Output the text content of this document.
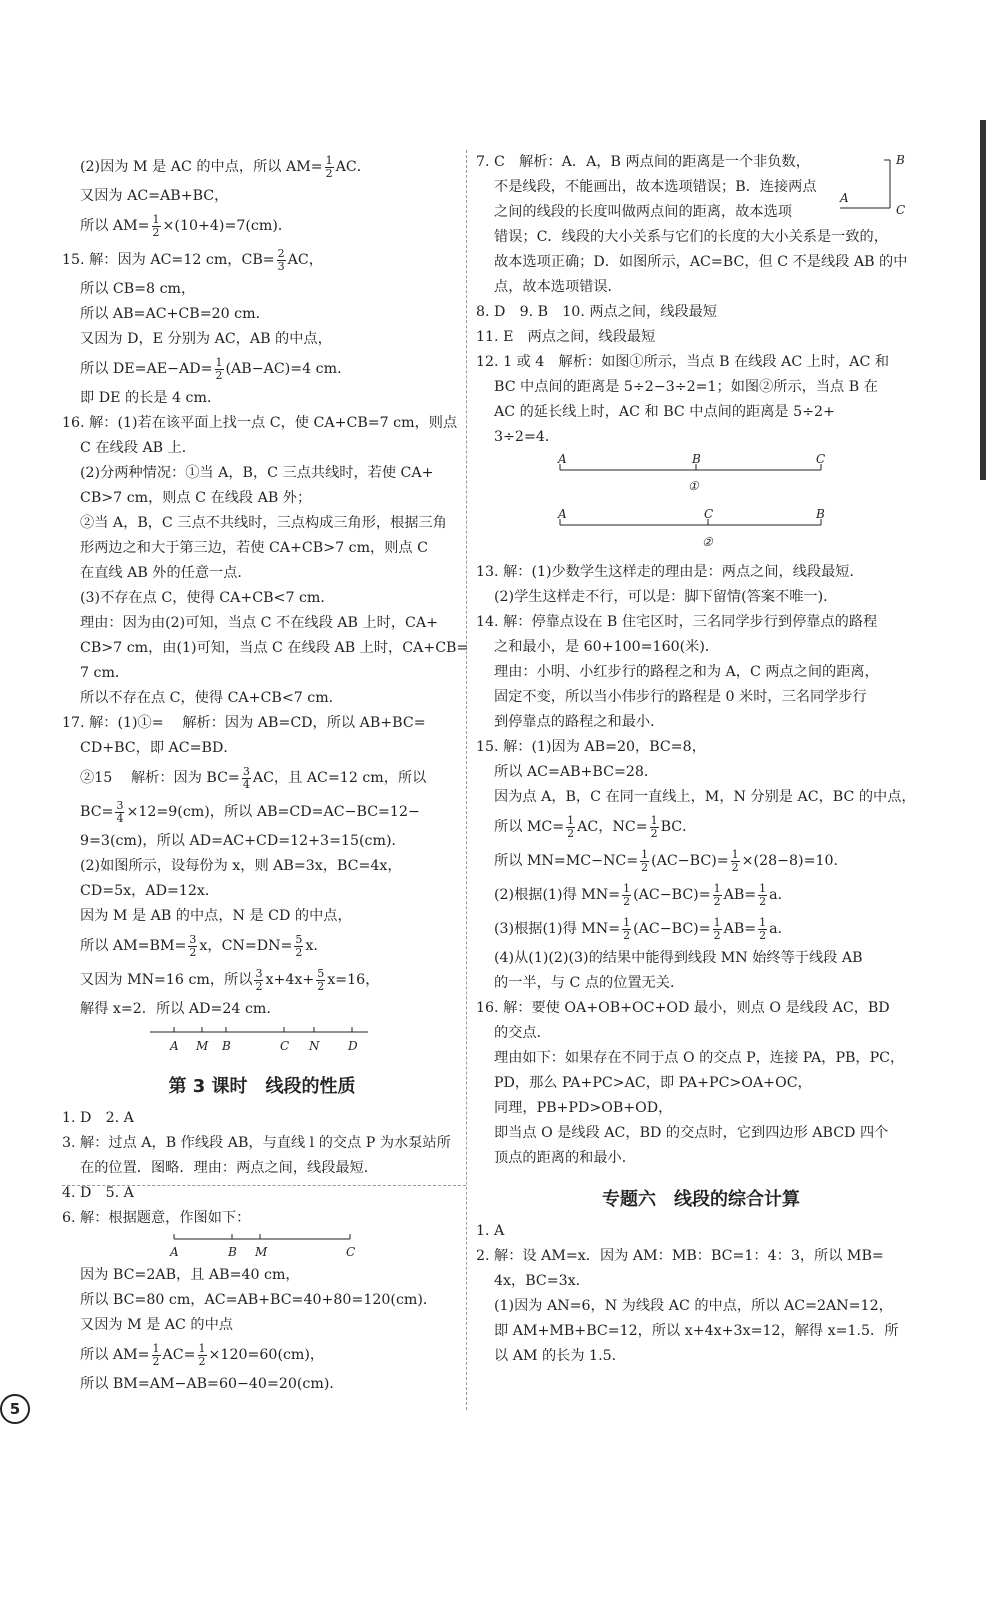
(2)因为 M 是 AC 的中点，所以 $AM= \frac{1}{2}$ AC．
又因为 AC=AB+BC，
所以 $AM= \frac{1}{2} \times(10+4)=7(cm)$．
15. 解：因为 AC=12 cm，$CB= \frac{2}{3}$ AC，
所以 CB=8 cm，
所以 AB=AC+CB=20 cm．
又因为 D，E 分别为 AC，AB 的中点，
所以 $DE=AE-AD= \frac{1}{2} (AB-AC)=4$ cm．
即 DE 的长是 4 cm．
16. 解：(1)若在该平面上找一点 C，使 CA+CB=7 cm，则点
C 在线段 AB 上．
(2)分两种情况：①当 A，B，C 三点共线时，若使 CA+
CB>7 cm，则点 C 在线段 AB 外；
②当 A，B，C 三点不共线时，三点构成三角形，根据三角
形两边之和大于第三边，若使 CA+CB>7 cm，则点 C
在直线 AB 外的任意一点．
(3)不存在点 C，使得 CA+CB<7 cm．
理由：因为由(2)可知，当点 C 不在线段 AB 上时，CA+
CB>7 cm，由(1)可知，当点 C 在线段 AB 上时，CA+CB=
7 cm．
所以不存在点 C，使得 CA+CB<7 cm．
17. 解：(1)①= 　解析：因为 AB=CD，所以 AB+BC=
CD+BC，即 AC=BD．
②15 　解析：因为 $BC= \frac{3}{4}$ AC，且 AC=12 cm，所以
$BC= \frac{3}{4} \times 12=9(cm)$，所以 AB=CD=AC−BC=12−
9=3(cm)，所以 AD=AC+CD=12+3=15(cm)．
(2)如图所示，设每份为 x，则 AB=3x，BC=4x，
CD=5x，AD=12x．
因为 M 是 AB 的中点，N 是 CD 的中点，
所以 $AM=BM= \frac{3}{2}$ x，$CN=DN= \frac{5}{2}$ x．
又因为 MN=16 cm，所以 $\frac{3}{2} x+4x+ \frac{5}{2} x=16$，
解得 x=2．所以 AD=24 cm．
A M B	C N D
第 3 课时　线段的性质
1. D　2. A
3. 解：过点 A，B 作线段 AB，与直线 l 的交点 P 为水泵站所
在的位置．图略．理由：两点之间，线段最短．
4. D　5. A
6. 解：根据题意，作图如下：
A	B M	C
因为 BC=2AB，且 AB=40 cm，
所以 BC=80 cm，AC=AB+BC=40+80=120(cm)．
又因为 M 是 AC 的中点
所以 $AM= \frac{1}{2} AC= \frac{1}{2} \times 120=60(cm)$，
所以 BM=AM−AB=60−40=20(cm)．
7. C　解析：A．A，B 两点间的距离是一个非负数，
不是线段，不能画出，故本选项错误；B．连接两点
之间的线段的长度叫做两点间的距离，故本选项
B
A
C
错误；C．线段的大小关系与它们的长度的大小关系是一致的，
故本选项正确；D．如图所示，AC=BC，但 C 不是线段 AB 的中
点，故本选项错误．
8. D　9. B　10. 两点之间，线段最短
11. E　两点之间，线段最短
12. 1 或 4　解析：如图①所示，当点 B 在线段 AC 上时，AC 和
BC 中点间的距离是 5÷2−3÷2=1；如图②所示，当点 B 在
AC 的延长线上时，AC 和 BC 中点间的距离是 5÷2+
3÷2=4．
A	B	C
①
A	C	B
②
13. 解：(1)少数学生这样走的理由是：两点之间，线段最短．
(2)学生这样走不行，可以是：脚下留情(答案不唯一)．
14. 解：停靠点设在 B 住宅区时，三名同学步行到停靠点的路程
之和最小，是 60+100=160(米)．
理由：小明、小红步行的路程之和为 A，C 两点之间的距离，
固定不变，所以当小伟步行的路程是 0 米时，三名同学步行
到停靠点的路程之和最小．
15. 解：(1)因为 AB=20，BC=8，
所以 AC=AB+BC=28．
因为点 A，B，C 在同一直线上，M，N 分别是 AC，BC 的中点，
所以 $MC= \frac{1}{2}$ AC，$NC= \frac{1}{2}$ BC．
所以 $MN=MC-NC= \frac{1}{2} (AC-BC)= \frac{1}{2} \times(28-8)=10$．
(2)根据(1)得 $MN= \frac{1}{2} (AC-BC)= \frac{1}{2} AB= \frac{1}{2}$ a．
(3)根据(1)得 $MN= \frac{1}{2} (AC-BC)= \frac{1}{2} AB= \frac{1}{2}$ a．
(4)从(1)(2)(3)的结果中能得到线段 MN 始终等于线段 AB
的一半，与 C 点的位置无关．
16. 解：要使 OA+OB+OC+OD 最小，则点 O 是线段 AC，BD
的交点．
理由如下：如果存在不同于点 O 的交点 P，连接 PA，PB，PC，
PD，那么 PA+PC>AC，即 PA+PC>OA+OC，
同理，PB+PD>OB+OD，
即当点 O 是线段 AC，BD 的交点时，它到四边形 ABCD 四个
顶点的距离的和最小．
专题六　线段的综合计算
1. A
2. 解：设 AM=x．因为 AM：MB：BC=1：4：3，所以 MB=
4x，BC=3x．
(1)因为 AN=6，N 为线段 AC 的中点，所以 AC=2AN=12，
即 AM+MB+BC=12，所以 x+4x+3x=12，解得 x=1.5．所
以 AM 的长为 1.5．
5
